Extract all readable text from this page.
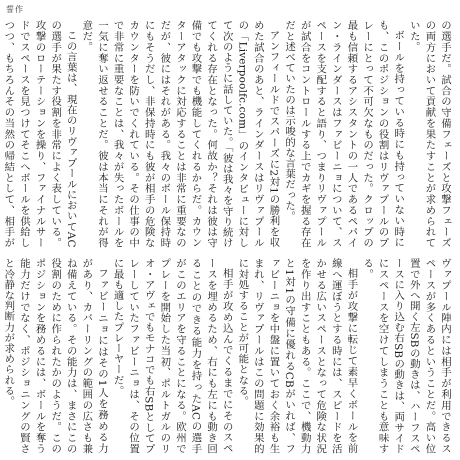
誓作
の選手だ。試合の守備フェーズと攻撃フェーズの両方において貢献を果たすことが求められていた。
ボールを持っている時にも持っていない時にも、このポジションの役割はリヴァプールのプレーにとって不可欠なものだった。クロップの最も信頼するアシスタントの一人であるペパイン・ラインダースはファビーニョについて、スペースを支配すると語り、つまりリヴァプールが試合をコントロールする上でカギを握る存在だと述べていたのは示唆的な言葉だった。
アンフィールドでスパーズに2対1の勝利を収めた試合のあと、ラインダースはリヴァプールの「Liverpoolfc.com」のインタビューに対して次のように話していた。「彼は我々を守り続けてくれる存在となった。何故か？それは彼は守備でも攻撃でも機能してくれるからだ。カウンターアタックに対応することは非常に重要なのだが、彼にはそれがある。我々のボール保持時にもそうだし、非保持時にも彼が相手の危険なカウンターを防いでくれている。その仕事の中で非常に重要なことは、我々が失ったボールを一気に奪い返せることだ。彼は本当にそれが得意だ。
この言葉は、現在のリヴァプールにおいてACの選手が果たす役割を非常によく表している。攻撃のローテーションを操り、ファイナルサードでスペースを見つけてそこへボールを供給しつつ、もちろんその当然の帰結として、相手が
ヴァプール陣内には相手が利用できるスペースが多くあるということだ。高い位置で外へ開く左SBの動きは、ハーフスペースに入り込む右SBの動きは、両サイドにスペースを空けてしまうことも意味する。
相手が攻撃に転じて素早くボールを前線へ運ぼうとする時には、スピードを活かせる広いスペースとなって危険な状況を作り出すこともある。ここで、機動力と1対1の守備に優れるCBがいれば、ファビーニョを中盤に置いておく余裕も生まれ、リヴァプールはこの問題に効果的に対処することが可能となる。
相手が攻め込んでくるまでにそのスペースを埋めるため、右にも左にも動き回ることのできる能力を持ったACの選手がこのエリアを守ることになる。欧州でプレーを開始した当初、ポルトガルのリオ・アヴェでもモナコでも右SBとしてプレーしていたファビーニョは、その位置に最も適したプレーヤーだ。
ファビーニョにはその1人を務める力があり、カバーリングの範囲の広さも兼ね備えている。その能力は、まさにこの役割のために作られたかのようだ。このポジションを務めるには、ボールを奪う能力だけでなく、ポジショニングの賢さと冷静な判断力が求められる。
